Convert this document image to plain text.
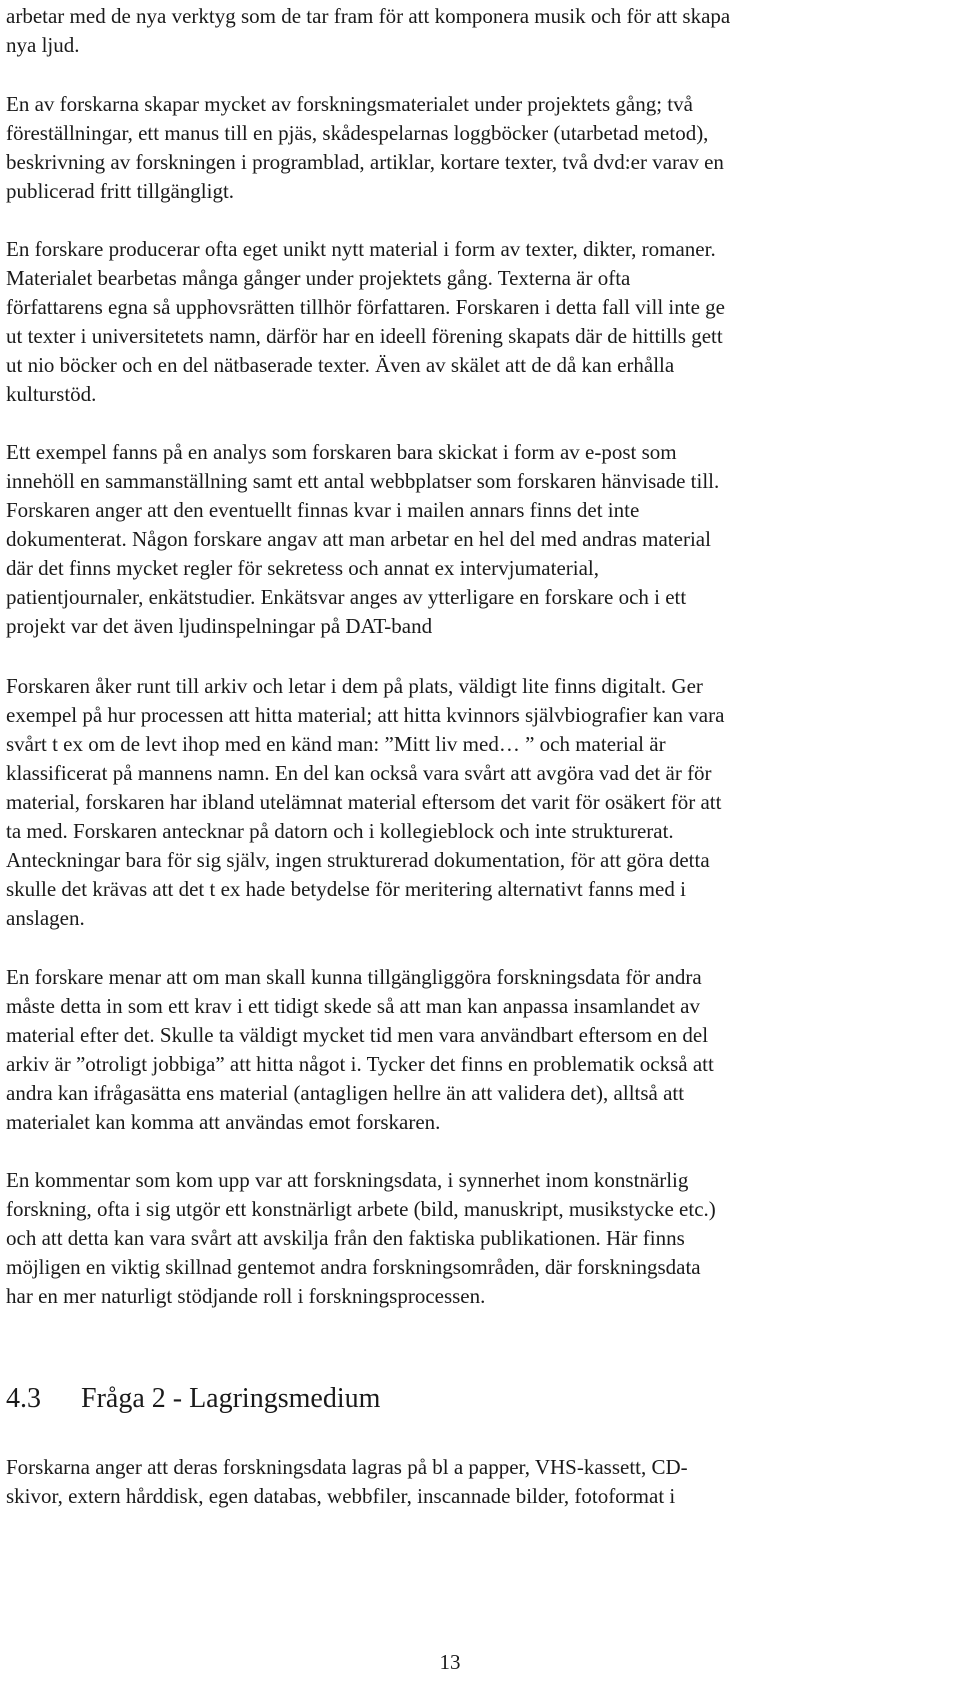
arbetar med de nya verktyg som de tar fram för att komponera musik och för att skapa
nya ljud.
En av forskarna skapar mycket av forskningsmaterialet under projektets gång; två
föreställningar, ett manus till en pjäs, skådespelarnas loggböcker (utarbetad metod),
beskrivning av forskningen i programblad, artiklar, kortare texter, två dvd:er varav en
publicerad fritt tillgängligt.
En forskare producerar ofta eget unikt nytt material i form av texter, dikter, romaner.
Materialet bearbetas många gånger under projektets gång. Texterna är ofta
författarens egna så upphovsrätten tillhör författaren. Forskaren i detta fall vill inte ge
ut texter i universitetets namn, därför har en ideell förening skapats där de hittills gett
ut nio böcker och en del nätbaserade texter. Även av skälet att de då kan erhålla
kulturstöd.
Ett exempel fanns på en analys som forskaren bara skickat i form av e-post som
innehöll en sammanställning samt ett antal webbplatser som forskaren hänvisade till.
Forskaren anger att den eventuellt finnas kvar i mailen annars finns det inte
dokumenterat. Någon forskare angav att man arbetar en hel del med andras material
där det finns mycket regler för sekretess och annat ex intervjumaterial,
patientjournaler, enkätstudier. Enkätsvar anges av ytterligare en forskare och i ett
projekt var det även ljudinspelningar på DAT-band
Forskaren åker runt till arkiv och letar i dem på plats, väldigt lite finns digitalt. Ger
exempel på hur processen att hitta material; att hitta kvinnors självbiografier kan vara
svårt t ex om de levt ihop med en känd man: ”Mitt liv med… ” och material är
klassificerat på mannens namn. En del kan också vara svårt att avgöra vad det är för
material, forskaren har ibland utelämnat material eftersom det varit för osäkert för att
ta med. Forskaren antecknar på datorn och i kollegieblock och inte strukturerat.
Anteckningar bara för sig själv, ingen strukturerad dokumentation, för att göra detta
skulle det krävas att det t ex hade betydelse för meritering alternativt fanns med i
anslagen.
En forskare menar att om man skall kunna tillgängliggöra forskningsdata för andra
måste detta in som ett krav i ett tidigt skede så att man kan anpassa insamlandet av
material efter det. Skulle ta väldigt mycket tid men vara användbart eftersom en del
arkiv är ”otroligt jobbiga” att hitta något i. Tycker det finns en problematik också att
andra kan ifrågasätta ens material (antagligen hellre än att validera det), alltså att
materialet kan komma att användas emot forskaren.
En kommentar som kom upp var att forskningsdata, i synnerhet inom konstnärlig
forskning, ofta i sig utgör ett konstnärligt arbete (bild, manuskript, musikstycke etc.)
och att detta kan vara svårt att avskilja från den faktiska publikationen. Här finns
möjligen en viktig skillnad gentemot andra forskningsområden, där forskningsdata
har en mer naturligt stödjande roll i forskningsprocessen.
4.3 Fråga 2 - Lagringsmedium
Forskarna anger att deras forskningsdata lagras på bl a papper, VHS-kassett, CD-
skivor, extern hårddisk, egen databas, webbfiler, inscannade bilder, fotoformat i
13
